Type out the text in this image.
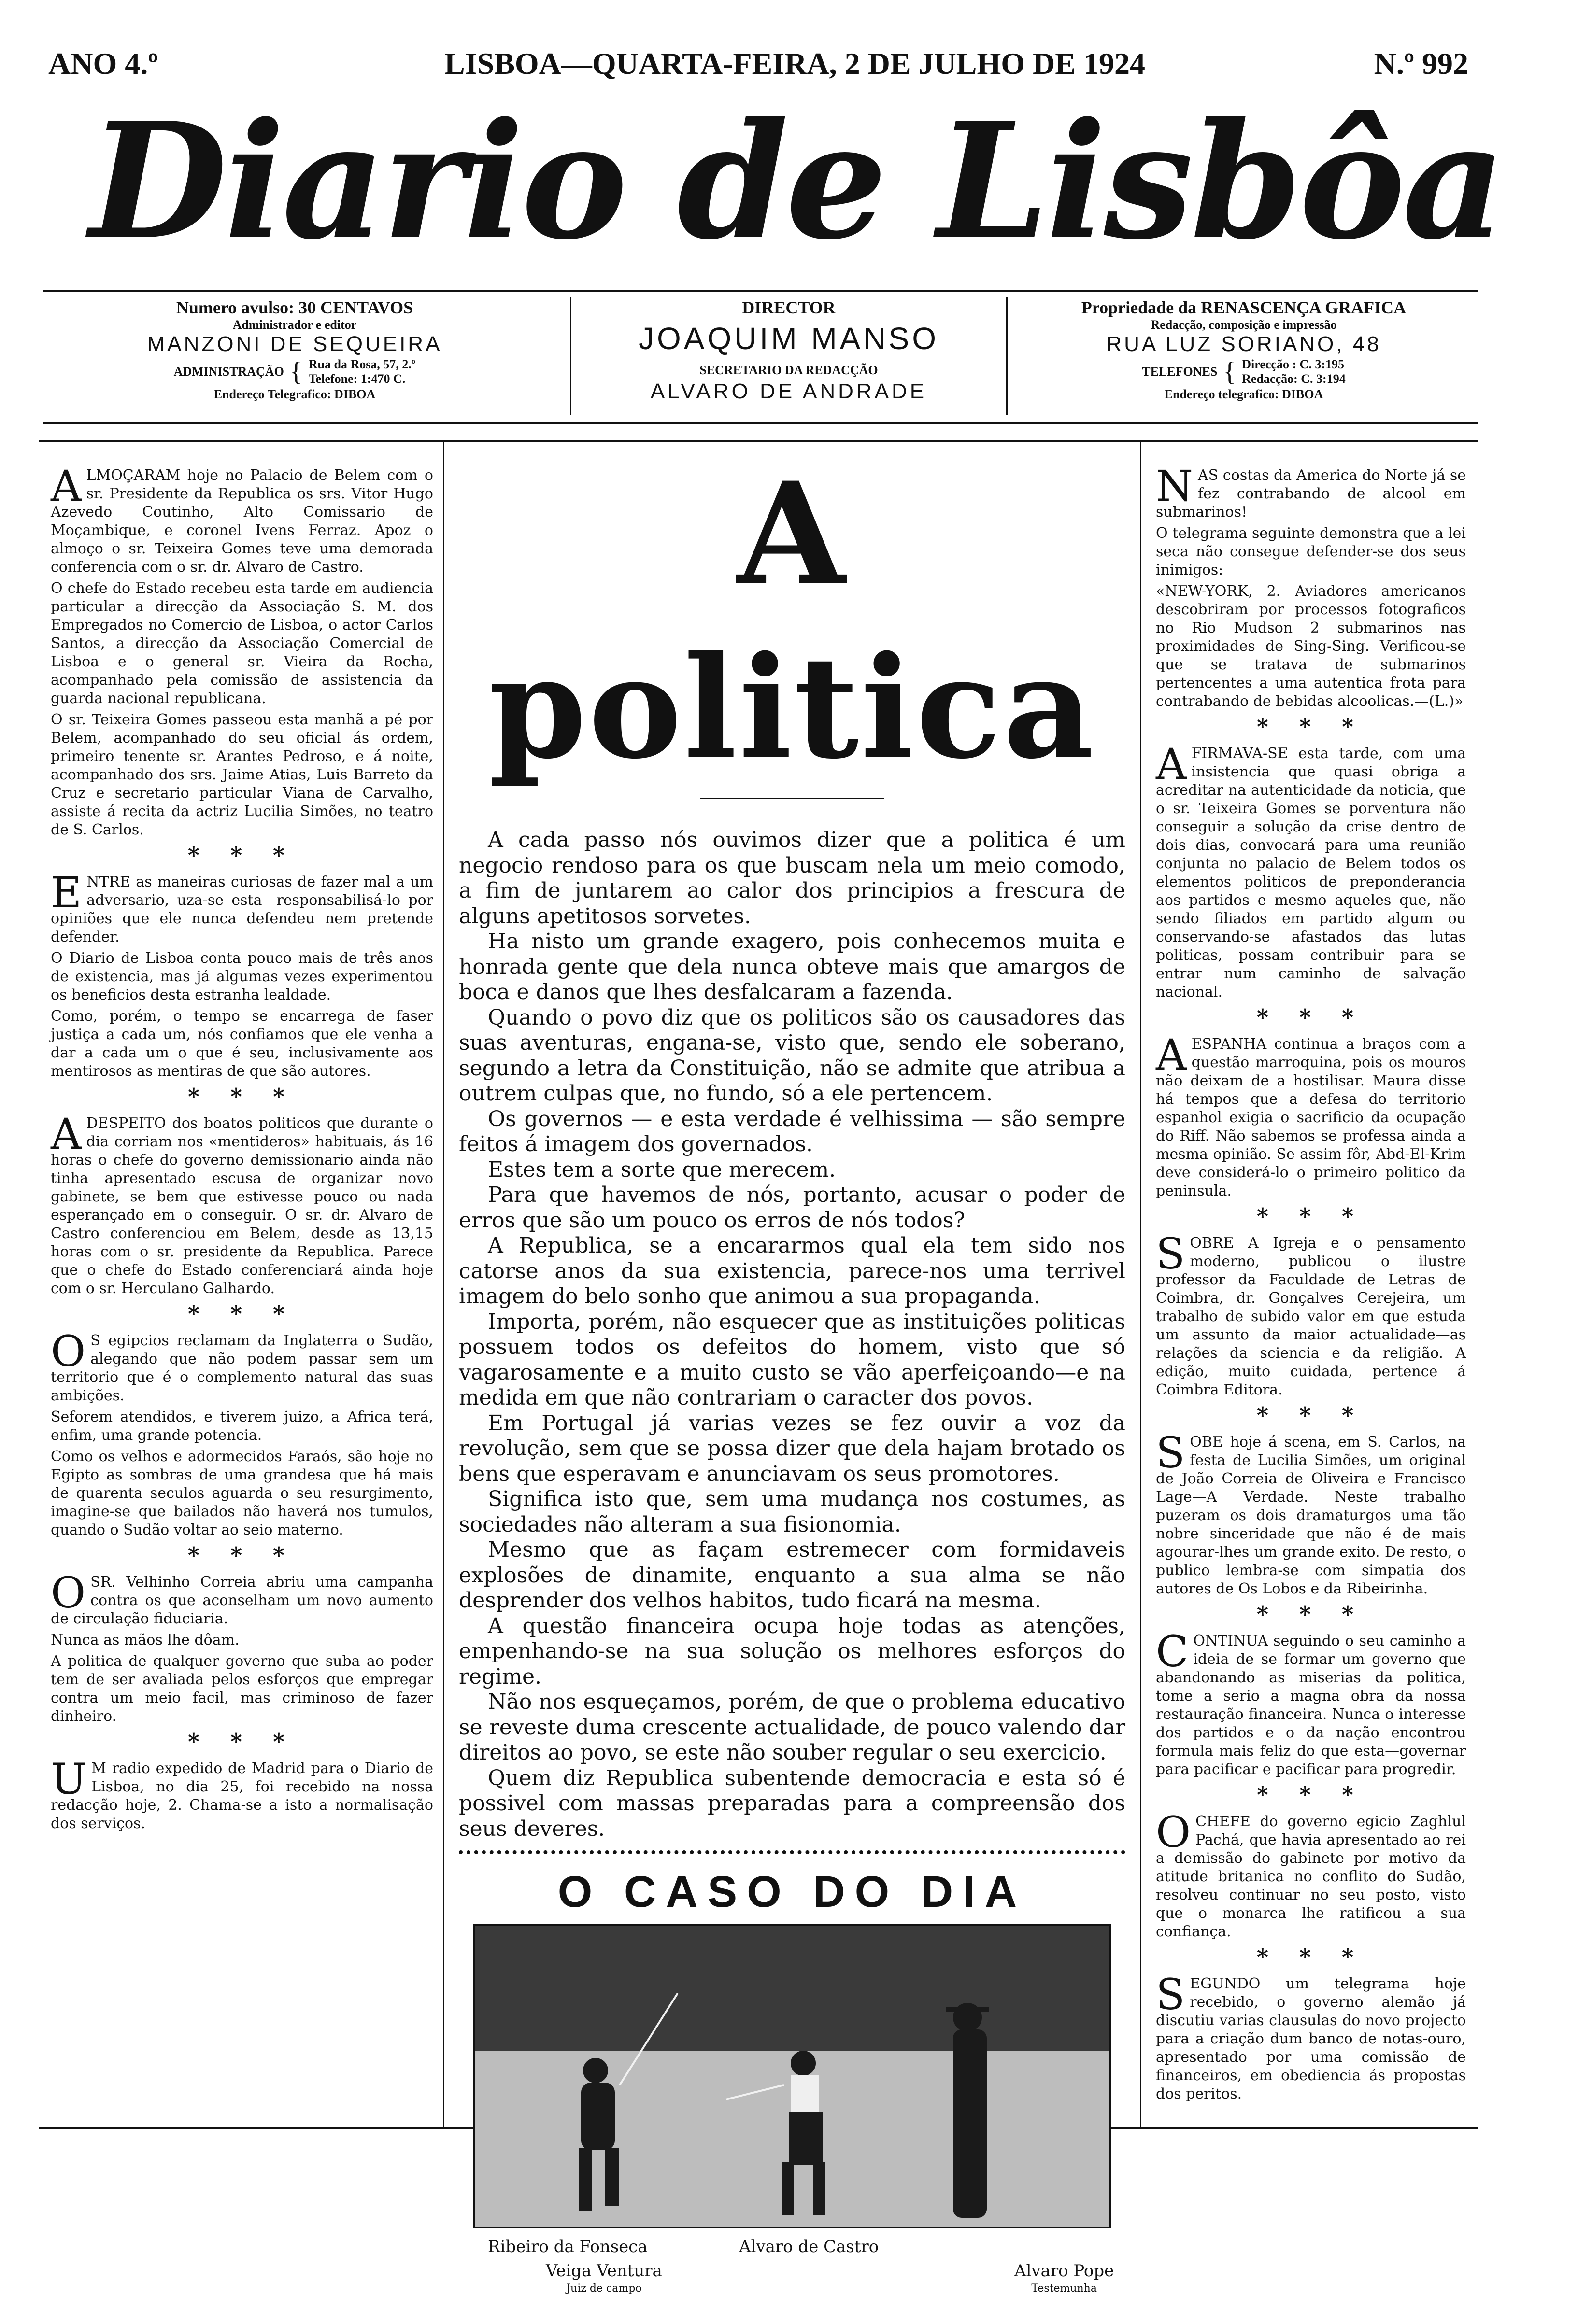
ANO 4.º	LISBOA—QUARTA-FEIRA, 2 DE JULHO DE 1924	N.º 992
Diario de Lisbôa
Numero avulso: 30 CENTAVOS
Administrador e editor
MANZONI DE SEQUEIRA
ADMINISTRAÇÃO { Rua da Rosa, 57, 2.º
Telefone: 1:470 C.
Endereço Telegrafico: DIBOA
DIRECTOR
JOAQUIM MANSO
SECRETARIO DA REDACÇÃO
ALVARO DE ANDRADE
Propriedade da RENASCENÇA GRAFICA
Redacção, composição e impressão
RUA LUZ SORIANO, 48
TELEFONES { Direcção : C. 3:195
Redacção: C. 3:194
Endereço telegrafico: DIBOA

ALMOÇARAM hoje no Palacio de Belem com o sr. Presidente da Republica os srs. Vitor Hugo Azevedo Coutinho, Alto Comissario de Moçambique, e coronel Ivens Ferraz. Apoz o almoço o sr. Teixeira Gomes teve uma demorada conferencia com o sr. dr. Alvaro de Castro.

O chefe do Estado recebeu esta tarde em audiencia particular a direcção da Associação S. M. dos Empregados no Comercio de Lisboa, o actor Carlos Santos, a direcção da Associação Comercial de Lisboa e o general sr. Vieira da Rocha, acompanhado pela comissão de assistencia da guarda nacional republicana.

O sr. Teixeira Gomes passeou esta manhã a pé por Belem, acompanhado do seu oficial ás ordem, primeiro tenente sr. Arantes Pedroso, e á noite, acompanhado dos srs. Jaime Atias, Luis Barreto da Cruz e secretario particular Viana de Carvalho, assiste á recita da actriz Lucilia Simões, no teatro de S. Carlos.

* * *

ENTRE as maneiras curiosas de fazer mal a um adversario, uza-se esta—responsabilisá-lo por opiniões que ele nunca defendeu nem pretende defender.

O Diario de Lisboa conta pouco mais de três anos de existencia, mas já algumas vezes experimentou os beneficios desta estranha lealdade.

Como, porém, o tempo se encarrega de faser justiça a cada um, nós confiamos que ele venha a dar a cada um o que é seu, inclusivamente aos mentirosos as mentiras de que são autores.

* * *

ADESPEITO dos boatos politicos que durante o dia corriam nos «mentideros» habituais, ás 16 horas o chefe do governo demissionario ainda não tinha apresentado escusa de organizar novo gabinete, se bem que estivesse pouco ou nada esperançado em o conseguir. O sr. dr. Alvaro de Castro conferenciou em Belem, desde as 13,15 horas com o sr. presidente da Republica. Parece que o chefe do Estado conferenciará ainda hoje com o sr. Herculano Galhardo.

* * *

O S egipcios reclamam da Inglaterra o Sudão, alegando que não podem passar sem um territorio que é o complemento natural das suas ambições.

Seforem atendidos, e tiverem juizo, a Africa terá, enfim, uma grande potencia.

Como os velhos e adormecidos Faraós, são hoje no Egipto as sombras de uma grandesa que há mais de quarenta seculos aguarda o seu resurgimento, imagine-se que bailados não haverá nos tumulos, quando o Sudão voltar ao seio materno.

* * *

OSR. Velhinho Correia abriu uma campanha contra os que aconselham um novo aumento de circulação fiduciaria.

Nunca as mãos lhe dôam.

A politica de qualquer governo que suba ao poder tem de ser avaliada pelos esforços que empregar contra um meio facil, mas criminoso de fazer dinheiro.

* * *

U M radio expedido de Madrid para o Diario de Lisboa, no dia 25, foi recebido na nossa redacção hoje, 2. Chama-se a isto a normalisação dos serviços.

A politica

A cada passo nós ouvimos dizer que a politica é um negocio rendoso para os que buscam nela um meio comodo, a fim de juntarem ao calor dos principios a frescura de alguns apetitosos sorvetes.

Ha nisto um grande exagero, pois conhecemos muita e honrada gente que dela nunca obteve mais que amargos de boca e danos que lhes desfalcaram a fazenda.

Quando o povo diz que os politicos são os causadores das suas aventuras, engana-se, visto que, sendo ele soberano, segundo a letra da Constituição, não se admite que atribua a outrem culpas que, no fundo, só a ele pertencem.

Os governos — e esta verdade é velhissima — são sempre feitos á imagem dos governados.

Estes tem a sorte que merecem.

Para que havemos de nós, portanto, acusar o poder de erros que são um pouco os erros de nós todos?

A Republica, se a encararmos qual ela tem sido nos catorse anos da sua existencia, parece-nos uma terrivel imagem do belo sonho que animou a sua propaganda.

Importa, porém, não esquecer que as instituições politicas possuem todos os defeitos do homem, visto que só vagarosamente e a muito custo se vão aperfeiçoando—e na medida em que não contrariam o caracter dos povos.

Em Portugal já varias vezes se fez ouvir a voz da revolução, sem que se possa dizer que dela hajam brotado os bens que esperavam e anunciavam os seus promotores.

Significa isto que, sem uma mudança nos costumes, as sociedades não alteram a sua fisionomia.

Mesmo que as façam estremecer com formidaveis explosões de dinamite, enquanto a sua alma se não desprender dos velhos habitos, tudo ficará na mesma.

A questão financeira ocupa hoje todas as atenções, empenhando-se na sua solução os melhores esforços do regime.

Não nos esqueçamos, porém, de que o problema educativo se reveste duma crescente actualidade, de pouco valendo dar direitos ao povo, se este não souber regular o seu exercicio.

Quem diz Republica subentende democracia e esta só é possivel com massas preparadas para a compreensão dos seus deveres.

O CASO DO DIA
Ribeiro da Fonseca	Alvaro de Castro
Veiga Ventura
Juiz de campo
Alvaro Pope
Testemunha

NAS costas da America do Norte já se fez contrabando de alcool em submarinos!

O telegrama seguinte demonstra que a lei seca não consegue defender-se dos seus inimigos:

«NEW-YORK, 2.—Aviadores americanos descobriram por processos fotograficos no Rio Mudson 2 submarinos nas proximidades de Sing-Sing. Verificou-se que se tratava de submarinos pertencentes a uma autentica frota para contrabando de bebidas alcoolicas.—(L.)»

* * *

AFIRMAVA-SE esta tarde, com uma insistencia que quasi obriga a acreditar na autenticidade da noticia, que o sr. Teixeira Gomes se porventura não conseguir a solução da crise dentro de dois dias, convocará para uma reunião conjunta no palacio de Belem todos os elementos politicos de preponderancia aos partidos e mesmo aqueles que, não sendo filiados em partido algum ou conservando-se afastados das lutas politicas, possam contribuir para se entrar num caminho de salvação nacional.

* * *

AESPANHA continua a braços com a questão marroquina, pois os mouros não deixam de a hostilisar. Maura disse há tempos que a defesa do territorio espanhol exigia o sacrificio da ocupação do Riff. Não sabemos se professa ainda a mesma opinião. Se assim fôr, Abd-El-Krim deve considerá-lo o primeiro politico da peninsula.

* * *

SOBRE A Igreja e o pensamento moderno, publicou o ilustre professor da Faculdade de Letras de Coimbra, dr. Gonçalves Cerejeira, um trabalho de subido valor em que estuda um assunto da maior actualidade—as relações da sciencia e da religião. A edição, muito cuidada, pertence á Coimbra Editora.

* * *

SOBE hoje á scena, em S. Carlos, na festa de Lucilia Simões, um original de João Correia de Oliveira e Francisco Lage—A Verdade. Neste trabalho puzeram os dois dramaturgos uma tão nobre sinceridade que não é de mais agourar-lhes um grande exito. De resto, o publico lembra-se com simpatia dos autores de Os Lobos e da Ribeirinha.

* * *

CONTINUA seguindo o seu caminho a ideia de se formar um governo que abandonando as miserias da politica, tome a serio a magna obra da nossa restauração financeira. Nunca o interesse dos partidos e o da nação encontrou formula mais feliz do que esta—governar para pacificar e pacificar para progredir.

* * *

OCHEFE do governo egicio Zaghlul Pachá, que havia apresentado ao rei a demissão do gabinete por motivo da atitude britanica no conflito do Sudão, resolveu continuar no seu posto, visto que o monarca lhe ratificou a sua confiança.

* * *

SEGUNDO um telegrama hoje recebido, o governo alemão já discutiu varias clausulas do novo projecto para a criação dum banco de notas-ouro, apresentado por uma comissão de financeiros, em obediencia ás propostas dos peritos.
